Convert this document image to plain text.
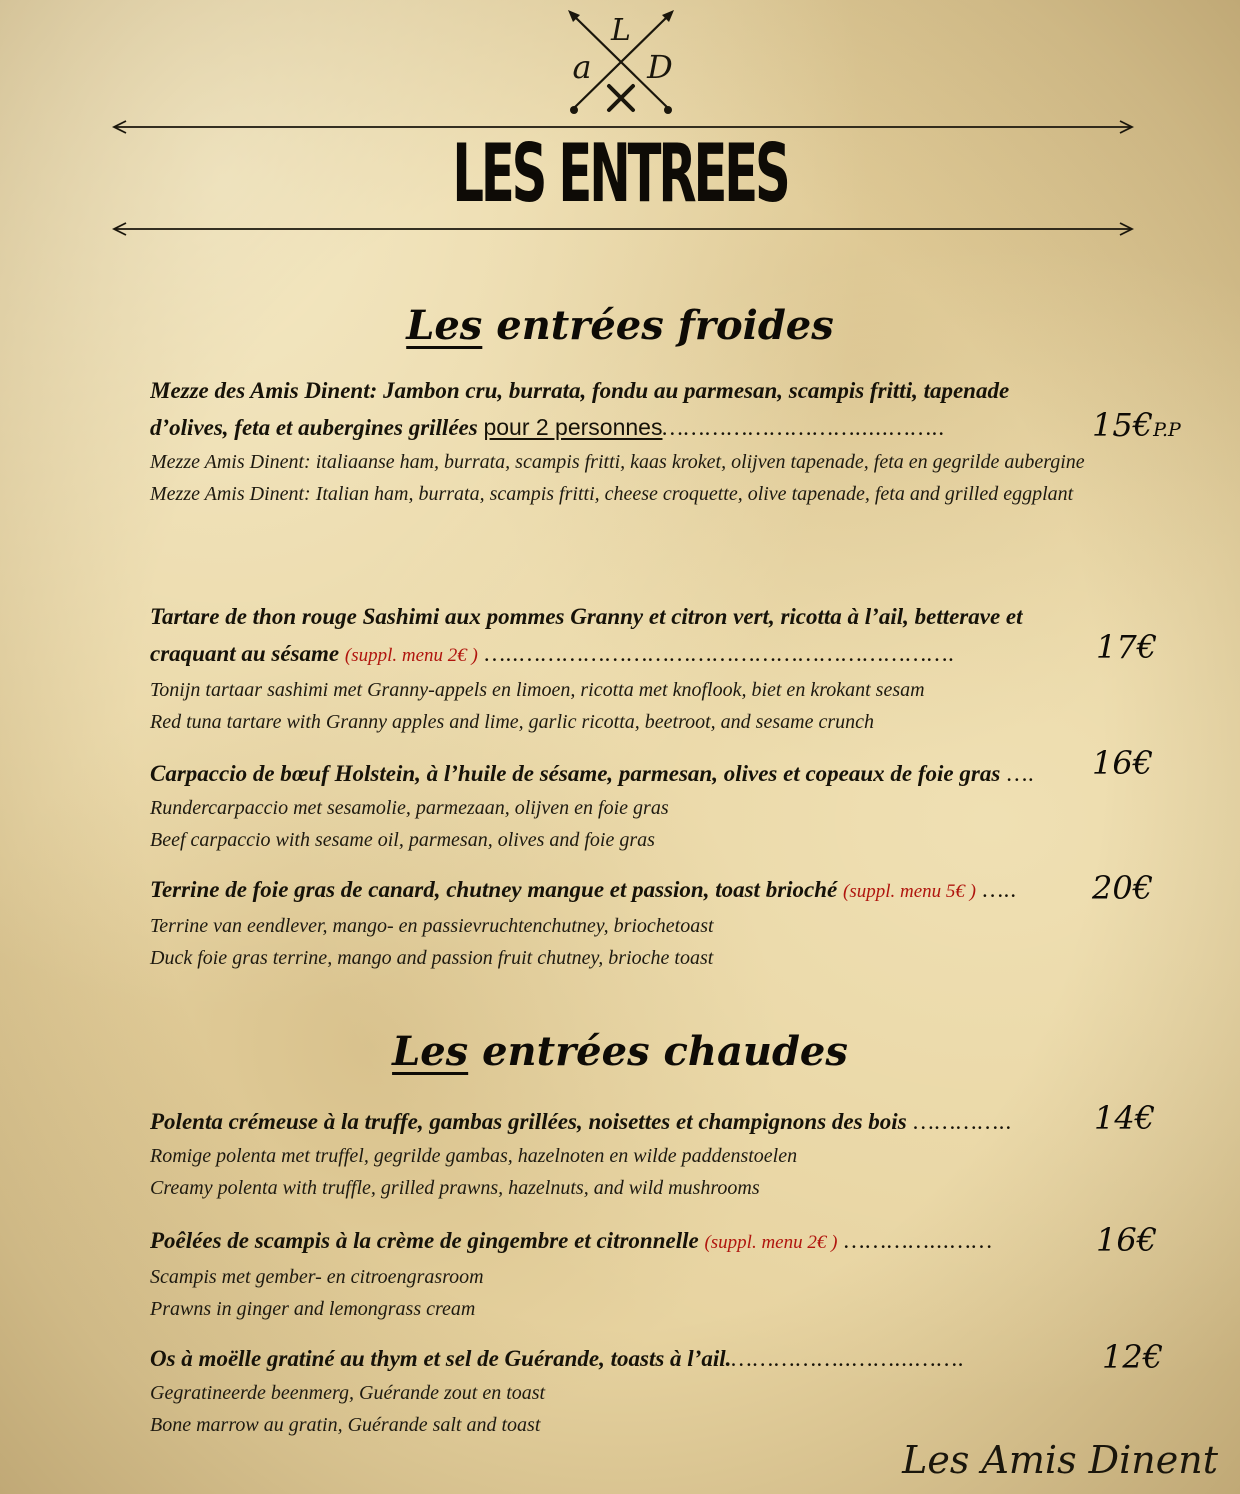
L
a D
LES ENTREES
Les entrées froides
Mezze des Amis Dinent: Jambon cru, burrata, fondu au parmesan, scampis fritti, tapenade
d’olives, feta et aubergines grillées pour 2 personnes……………………….....……..
Mezze Amis Dinent: italiaanse ham, burrata, scampis fritti, kaas kroket, olijven tapenade, feta en gegrilde aubergine
Mezze Amis Dinent: Italian ham, burrata, scampis fritti, cheese croquette, olive tapenade, feta and grilled eggplant
15€P.P
Tartare de thon rouge Sashimi aux pommes Granny et citron vert, ricotta à l’ail, betterave et
craquant au sésame (suppl. menu 2€ ) …..…………………………………………………….
Tonijn tartaar sashimi met Granny-appels en limoen, ricotta met knoflook, biet en krokant sesam
Red tuna tartare with Granny apples and lime, garlic ricotta, beetroot, and sesame crunch
17€
Carpaccio de bœuf Holstein, à l’huile de sésame, parmesan, olives et copeaux de foie gras ….
Rundercarpaccio met sesamolie, parmezaan, olijven en foie gras
Beef carpaccio with sesame oil, parmesan, olives and foie gras
16€
Terrine de foie gras de canard, chutney mangue et passion, toast brioché (suppl. menu 5€ ) …..
Terrine van eendlever, mango- en passievruchtenchutney, briochetoast
Duck foie gras terrine, mango and passion fruit chutney, brioche toast
20€
Les entrées chaudes
Polenta crémeuse à la truffe, gambas grillées, noisettes et champignons des bois …………..
Romige polenta met truffel, gegrilde gambas, hazelnoten en wilde paddenstoelen
Creamy polenta with truffle, grilled prawns, hazelnuts, and wild mushrooms
14€
Poêlées de scampis à la crème de gingembre et citronnelle (suppl. menu 2€ ) …………...……
Scampis met gember- en citroengrasroom
Prawns in ginger and lemongrass cream
16€
Os à moëlle gratiné au thym et sel de Guérande, toasts à l’ail.……………..……...…….
Gegratineerde beenmerg, Guérande zout en toast
Bone marrow au gratin, Guérande salt and toast
12€
Les Amis Dinent
